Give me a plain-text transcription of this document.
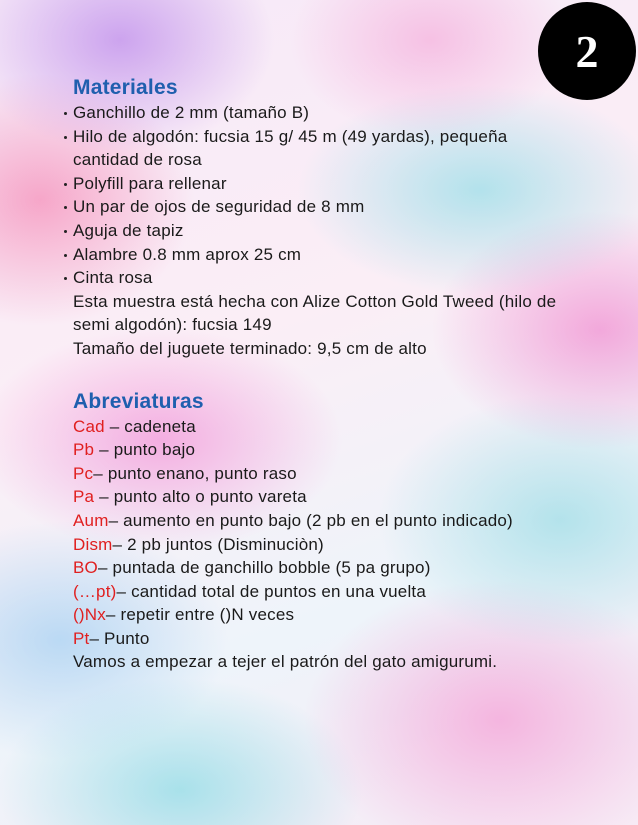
2
Materiales
Ganchillo de 2 mm (tamaño B)
Hilo de algodón: fucsia 15 g/ 45 m (49 yardas), pequeña cantidad de rosa
Polyfill para rellenar
Un par de ojos de seguridad de 8 mm
Aguja de tapiz
Alambre 0.8 mm aprox 25 cm
Cinta rosa
Esta muestra está hecha con Alize Cotton Gold Tweed (hilo de semi algodón): fucsia 149
Tamaño del juguete terminado: 9,5 cm de alto
Abreviaturas
Cad – cadeneta
Pb – punto bajo
Pc– punto enano, punto raso
Pa – punto alto o punto vareta
Aum– aumento en punto bajo (2 pb en el punto indicado)
Dism– 2 pb juntos (Disminuciòn)
BO– puntada de ganchillo bobble (5 pa grupo)
(…pt)– cantidad total de puntos en una vuelta
()Nx– repetir entre ()N veces
Pt– Punto
Vamos a empezar a tejer el patrón del gato amigurumi.
